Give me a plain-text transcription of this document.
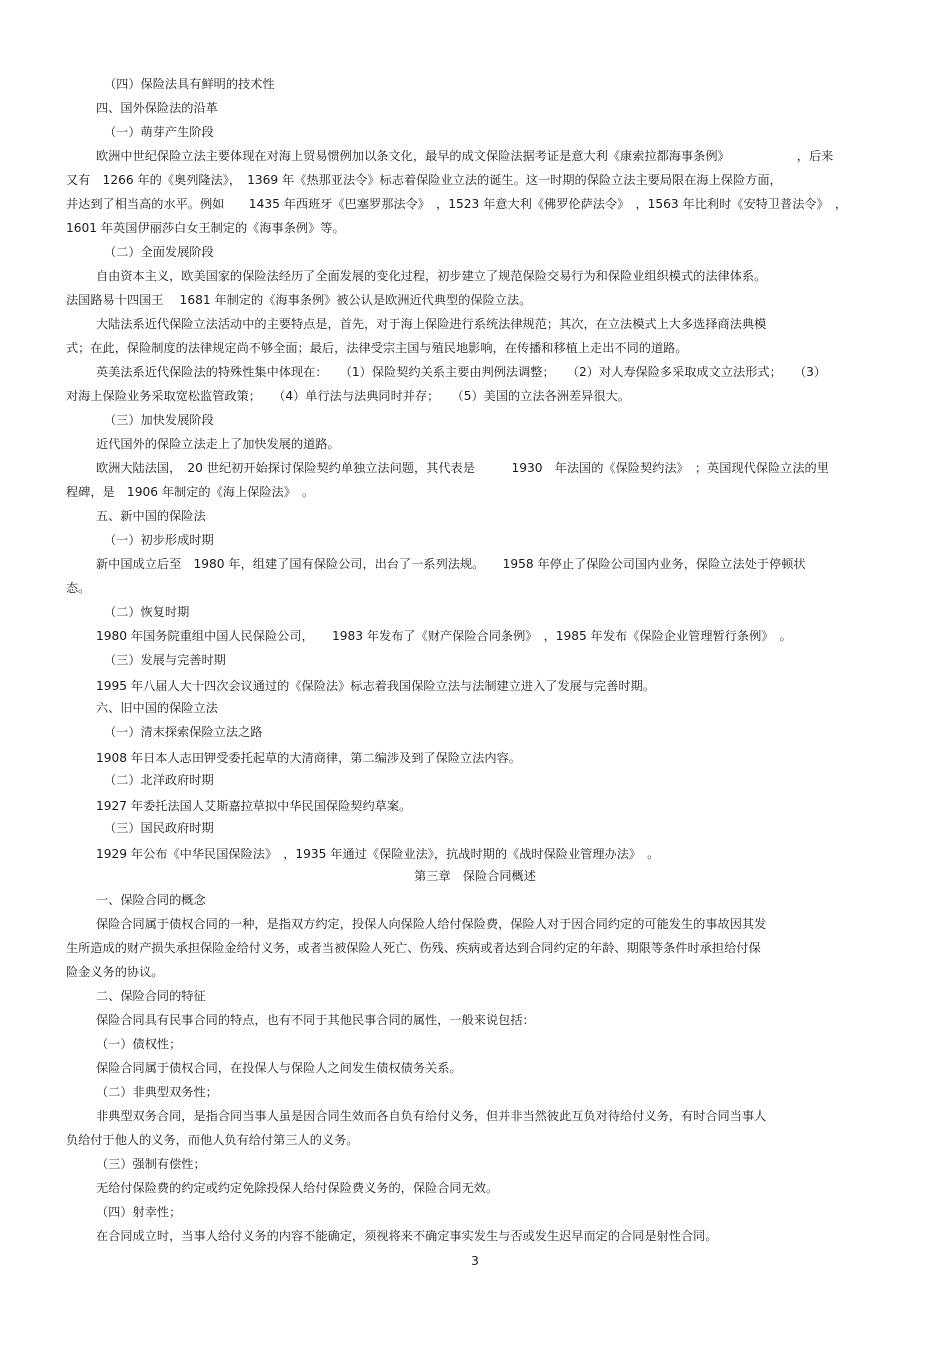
（四）保险法具有鲜明的技术性
四、国外保险法的沿革
（一）萌芽产生阶段
欧洲中世纪保险立法主要体现在对海上贸易惯例加以条文化，最早的成文保险法据考证是意大利《康索拉都海事条例》　　　　　　，后来
又有　1266 年的《奥列隆法》，　1369 年《热那亚法令》标志着保险业立法的诞生。这一时期的保险立法主要局限在海上保险方面，
并达到了相当高的水平。例如　　1435 年西班牙《巴塞罗那法令》　，1523 年意大利《佛罗伦萨法令》　，1563 年比利时《安特卫普法令》　，
1601 年英国伊丽莎白女王制定的《海事条例》等。
（二）全面发展阶段
自由资本主义，欧美国家的保险法经历了全面发展的变化过程，初步建立了规范保险交易行为和保险业组织模式的法律体系。
法国路易十四国王　 1681 年制定的《海事条例》被公认是欧洲近代典型的保险立法。
大陆法系近代保险立法活动中的主要特点是，首先，对于海上保险进行系统法律规范；其次，在立法模式上大多选择商法典模
式；在此，保险制度的法律规定尚不够全面；最后，法律受宗主国与殖民地影响，在传播和移植上走出不同的道路。
英美法系近代保险法的特殊性集中体现在：　　（1）保险契约关系主要由判例法调整；　　（2）对人寿保险多采取成文立法形式；　　（3）
对海上保险业务采取宽松监管政策；　　（4）单行法与法典同时并存；　　（5）美国的立法各洲差异很大。
（三）加快发展阶段
近代国外的保险立法走上了加快发展的道路。
欧洲大陆法国，　20 世纪初开始探讨保险契约单独立法问题，其代表是　　　1930　年法国的《保险契约法》　；英国现代保险立法的里
程碑，是　1906 年制定的《海上保险法》　。
五、新中国的保险法
（一）初步形成时期
新中国成立后至　1980 年，组建了国有保险公司，出台了一系列法规。　　1958 年停止了保险公司国内业务，保险立法处于停顿状
态。
（二）恢复时期
1980 年国务院重组中国人民保险公司，　　1983 年发布了《财产保险合同条例》　，1985 年发布《保险企业管理暂行条例》　。
（三）发展与完善时期
1995 年八届人大十四次会议通过的《保险法》标志着我国保险立法与法制建立进入了发展与完善时期。
六、旧中国的保险立法
（一）清末探索保险立法之路
1908 年日本人志田钾受委托起草的大清商律，第二编涉及到了保险立法内容。
（二）北洋政府时期
1927 年委托法国人艾斯嘉拉草拟中华民国保险契约草案。
（三）国民政府时期
1929 年公布《中华民国保险法》　，1935 年通过《保险业法》，抗战时期的《战时保险业管理办法》　。
第三章　保险合同概述
一、保险合同的概念
保险合同属于债权合同的一种，是指双方约定，投保人向保险人给付保险费，保险人对于因合同约定的可能发生的事故因其发
生所造成的财产损失承担保险金给付义务，或者当被保险人死亡、伤残、疾病或者达到合同约定的年龄、期限等条件时承担给付保
险金义务的协议。
二、保险合同的特征
保险合同具有民事合同的特点，也有不同于其他民事合同的属性，一般来说包括：
（一）债权性；
保险合同属于债权合同，在投保人与保险人之间发生债权债务关系。
（二）非典型双务性；
非典型双务合同，是指合同当事人虽是因合同生效而各自负有给付义务，但并非当然彼此互负对待给付义务，有时合同当事人
负给付于他人的义务，而他人负有给付第三人的义务。
（三）强制有偿性；
无给付保险费的约定或约定免除投保人给付保险费义务的，保险合同无效。
（四）射幸性；
在合同成立时，当事人给付义务的内容不能确定，须视将来不确定事实发生与否或发生迟早而定的合同是射性合同。
3
